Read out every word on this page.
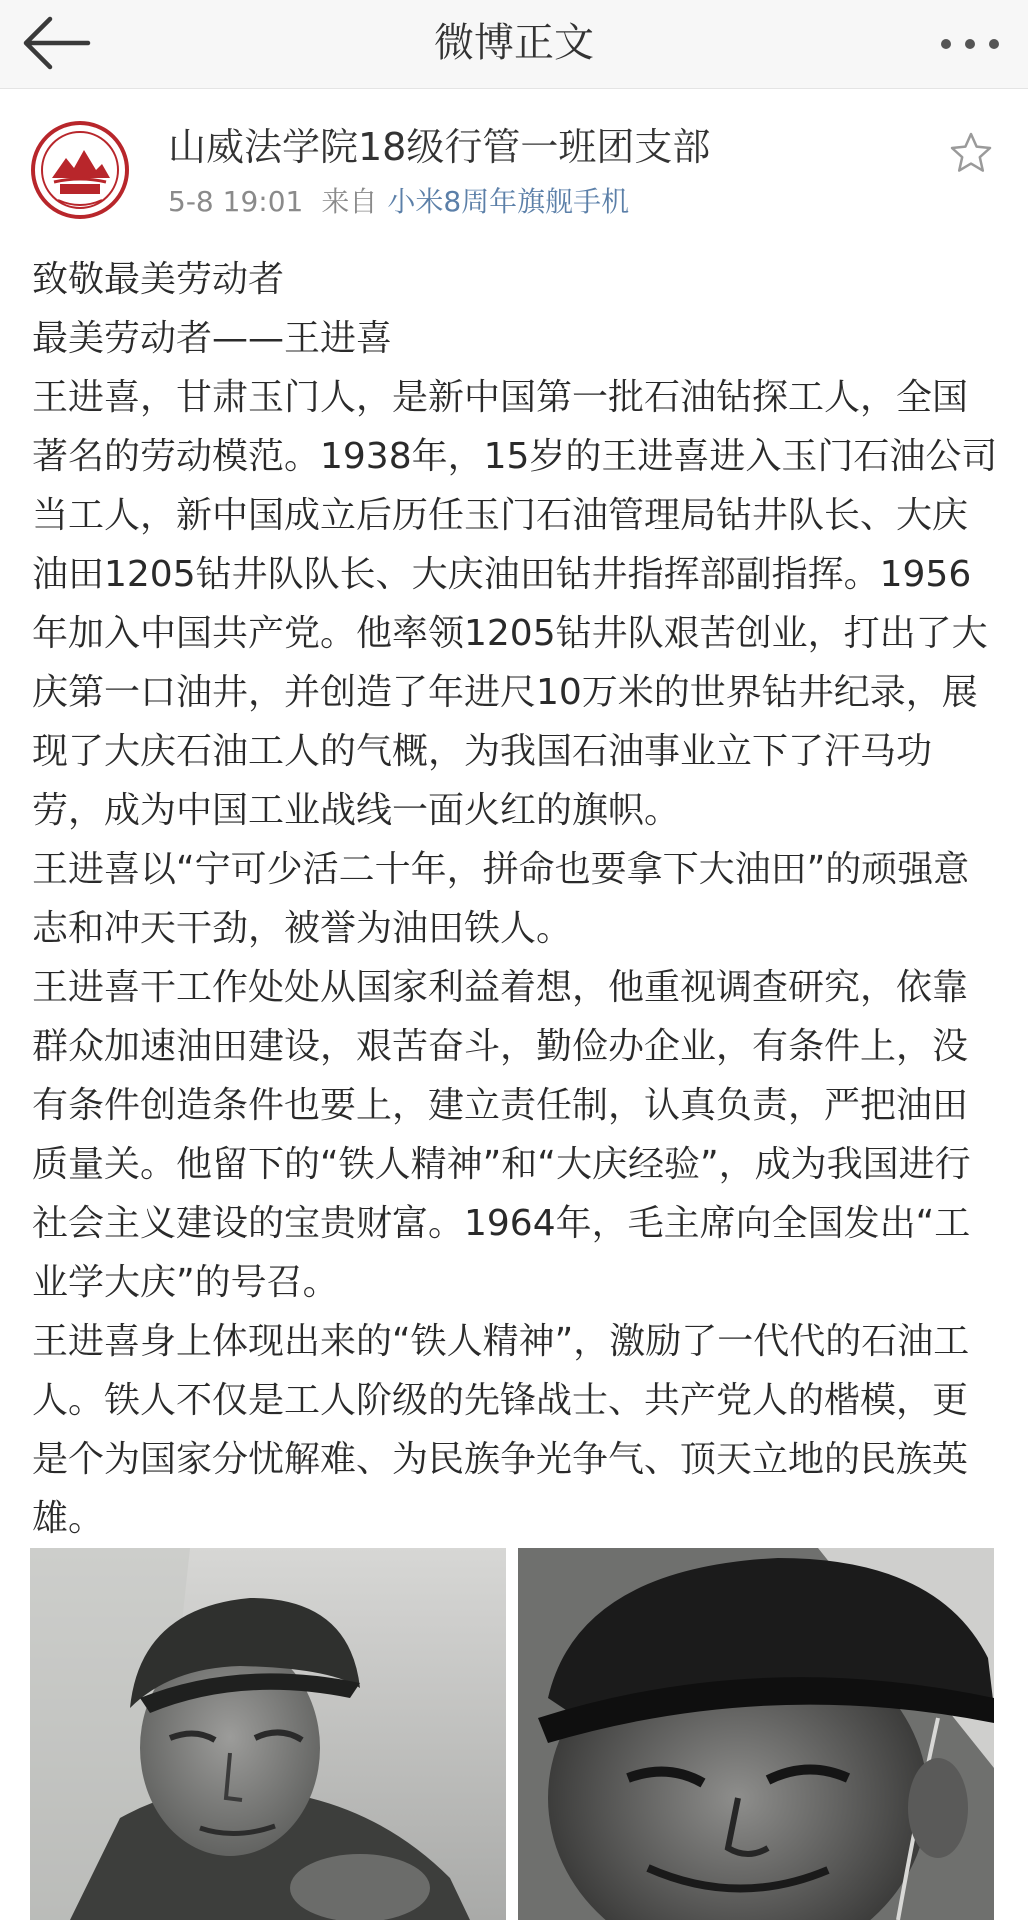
微博正文
山威法学院18级行管一班团支部
5-8 19:01 来自 小米8周年旗舰手机

致敬最美劳动者

最美劳动者——王进喜

王进喜，甘肃玉门人，是新中国第一批石油钻探工人，全国著名的劳动模范。1938年，15岁的王进喜进入玉门石油公司当工人，新中国成立后历任玉门石油管理局钻井队长、大庆油田1205钻井队队长、大庆油田钻井指挥部副指挥。1956年加入中国共产党。他率领1205钻井队艰苦创业，打出了大庆第一口油井，并创造了年进尺10万米的世界钻井纪录，展现了大庆石油工人的气概，为我国石油事业立下了汗马功劳，成为中国工业战线一面火红的旗帜。

王进喜以“宁可少活二十年，拼命也要拿下大油田”的顽强意志和冲天干劲，被誉为油田铁人。

王进喜干工作处处从国家利益着想，他重视调查研究，依靠群众加速油田建设，艰苦奋斗，勤俭办企业，有条件上，没有条件创造条件也要上，建立责任制，认真负责，严把油田质量关。他留下的“铁人精神”和“大庆经验”，成为我国进行社会主义建设的宝贵财富。1964年，毛主席向全国发出“工业学大庆”的号召。

王进喜身上体现出来的“铁人精神”，激励了一代代的石油工人。铁人不仅是工人阶级的先锋战士、共产党人的楷模，更是个为国家分忧解难、为民族争光争气、顶天立地的民族英雄。
